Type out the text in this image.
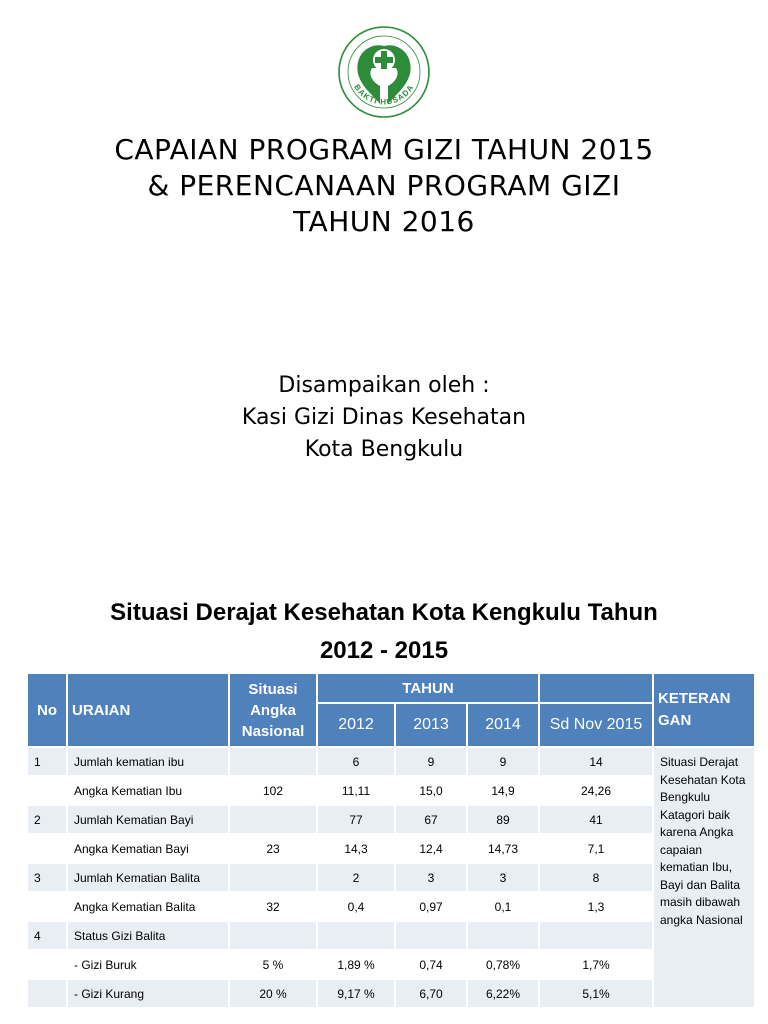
BAKTI HUSADA
CAPAIAN PROGRAM GIZI TAHUN 2015
& PERENCANAAN PROGRAM GIZI
TAHUN 2016
Disampaikan oleh :
Kasi Gizi Dinas Kesehatan
Kota Bengkulu
Situasi Derajat Kesehatan Kota Kengkulu Tahun
2012 - 2015
No	URAIAN	Situasi Angka Nasional	TAHUN				KETERAN GAN
			2012	2013	2014	Sd Nov 2015	
1	Jumlah kematian ibu		6	9	9	14	Situasi Derajat Kesehatan Kota Bengkulu Katagori baik karena Angka capaian kematian Ibu, Bayi dan Balita masih dibawah angka Nasional
	Angka Kematian Ibu	102	11,11	15,0	14,9	24,26	
2	Jumlah Kematian Bayi		77	67	89	41	
	Angka Kematian Bayi	23	14,3	12,4	14,73	7,1	
3	Jumlah Kematian Balita		2	3	3	8	
	Angka Kematian Balita	32	0,4	0,97	0,1	1,3	
4	Status Gizi Balita						
	- Gizi Buruk	5 %	1,89 %	0,74	0,78%	1,7%	
	- Gizi Kurang	20 %	9,17 %	6,70	6,22%	5,1%	
